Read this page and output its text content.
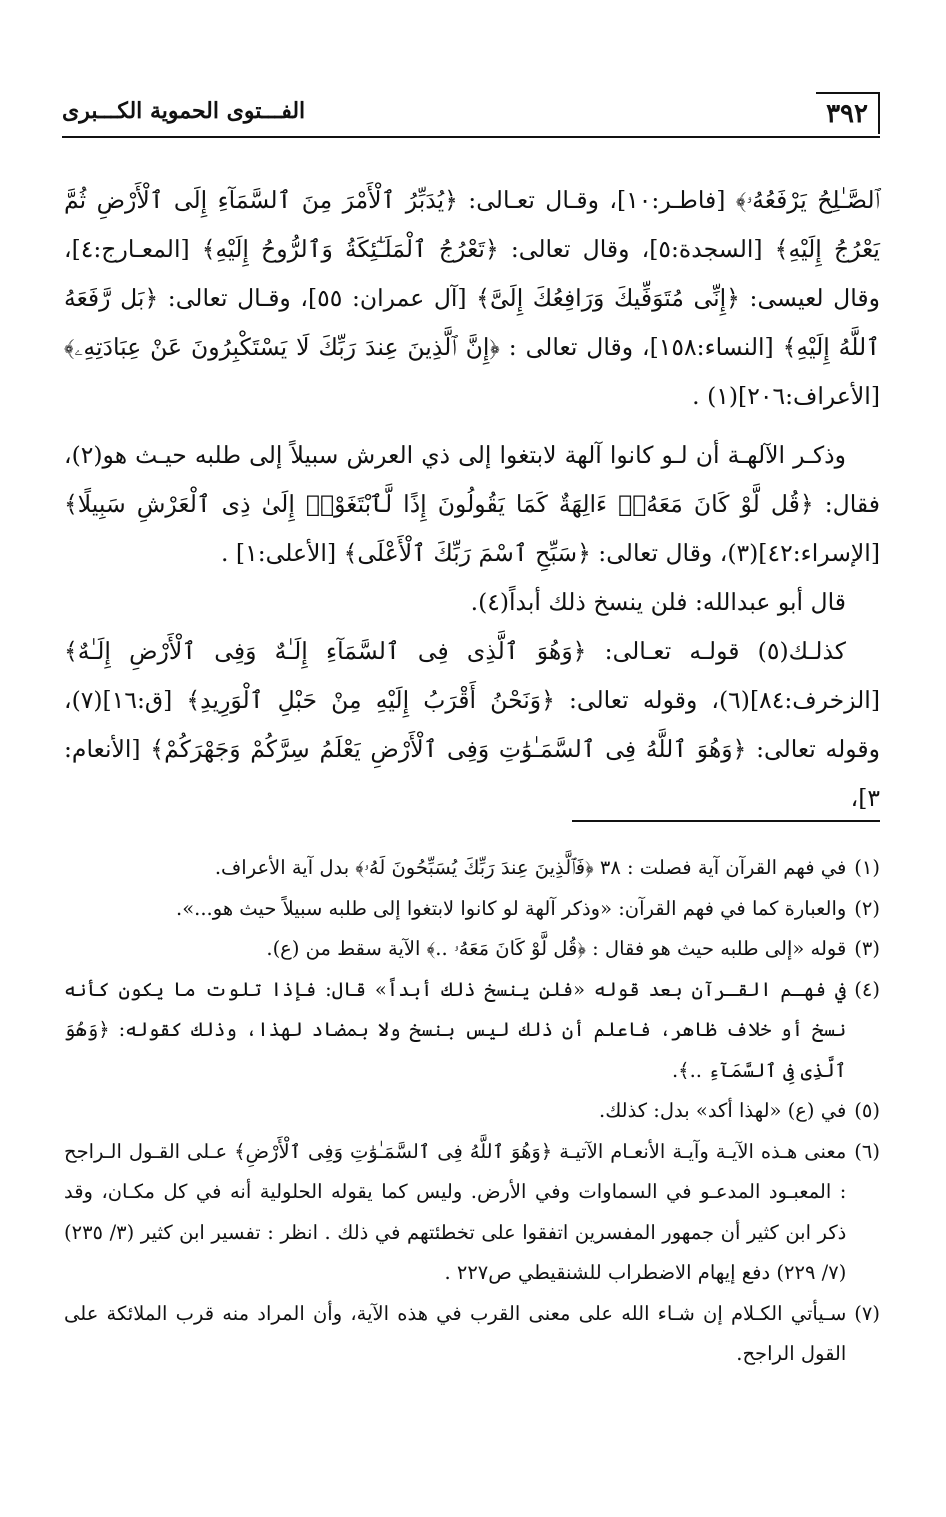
٣٩٢
الفـــتوى الحموية الكـــبرى

ٱلصَّـٰلِحُ يَرْفَعُهُۥ﴾ [فاطـر:١٠]، وقـال تعـالى: ﴿يُدَبِّرُ ٱلْأَمْرَ مِنَ ٱلسَّمَآءِ إِلَى ٱلْأَرْضِ ثُمَّ يَعْرُجُ إِلَيْهِ﴾ [السجدة:٥]، وقال تعالى: ﴿تَعْرُجُ ٱلْمَلَـٰٓئِكَةُ وَٱلرُّوحُ إِلَيْهِ﴾ [المعـارج:٤]، وقال لعيسى: ﴿إِنِّى مُتَوَفِّيكَ وَرَافِعُكَ إِلَىَّ﴾ [آل عمران: ٥٥]، وقـال تعالى: ﴿بَل رَّفَعَهُ ٱللَّهُ إِلَيْهِ﴾ [النساء:١٥٨]، وقال تعالى : ﴿إِنَّ ٱلَّذِينَ عِندَ رَبِّكَ لَا يَسْتَكْبِرُونَ عَنْ عِبَادَتِهِۦ﴾ [الأعراف:٢٠٦](١) .

وذكـر الآلهـة أن لـو كانوا آلهة لابتغوا إلى ذي العرش سبيلاً إلى طلبه حيـث هو(٢)، فقال: ﴿قُل لَّوْ كَانَ مَعَهُۥٓ ءَالِهَةٌ كَمَا يَقُولُونَ إِذًا لَّٱبْتَغَوْا۟ إِلَىٰ ذِى ٱلْعَرْشِ سَبِيلًا﴾ [الإسراء:٤٢](٣)، وقال تعالى: ﴿سَبِّحِ ٱسْمَ رَبِّكَ ٱلْأَعْلَى﴾ [الأعلى:١] .

قال أبو عبدالله: فلن ينسخ ذلك أبداً(٤).

كذلـك(٥) قولـه تعـالى: ﴿وَهُوَ ٱلَّذِى فِى ٱلسَّمَآءِ إِلَـٰهٌ وَفِى ٱلْأَرْضِ إِلَـٰهٌ﴾ [الزخرف:٨٤](٦)، وقوله تعالى: ﴿وَنَحْنُ أَقْرَبُ إِلَيْهِ مِنْ حَبْلِ ٱلْوَرِيدِ﴾ [ق:١٦](٧)، وقوله تعالى: ﴿وَهُوَ ٱللَّهُ فِى ٱلسَّمَـٰوَٰتِ وَفِى ٱلْأَرْضِ يَعْلَمُ سِرَّكُمْ وَجَهْرَكُمْ﴾ [الأنعام: ٣]،

(١)
في فهم القرآن آية فصلت : ٣٨ ﴿فَٱلَّذِينَ عِندَ رَبِّكَ يُسَبِّحُونَ لَهُۥ﴾ بدل آية الأعراف.
(٢)
والعبارة كما في فهم القرآن: «وذكر آلهة لو كانوا لابتغوا إلى طلبه سبيلاً حيث هو...».
(٣)
قوله «إلى طلبه حيث هو فقال : ﴿قُل لَّوْ كَانَ مَعَهُۥ ..﴾ الآية سقط من (ع).
(٤)
في فهـم القـرآن بعد قوله «فلن ينسخ ذلك أبداً» قال: فإذا تلوت ما يكون كأنه نسخ أو خلاف ظاهر، فاعلم أن ذلك ليس بنسخ ولا بمضاد لهذا، وذلك كقوله: ﴿وَهُوَ ٱلَّذِى فِى ٱلسَّمَآءِ ..﴾.
(٥)
في (ع) «لهذا أكد» بدل: كذلك.
(٦)
معنى هـذه الآيـة وآيـة الأنعـام الآتيـة ﴿وَهُوَ ٱللَّهُ فِى ٱلسَّمَـٰوَٰتِ وَفِى ٱلْأَرْضِ﴾ عـلى القـول الـراجح : المعبـود المدعـو في السماوات وفي الأرض. وليس كما يقوله الحلولية أنه في كل مكـان، وقد ذكر ابن كثير أن جمهور المفسرين اتفقوا على تخطئتهم في ذلك . انظر : تفسير ابن كثير (٣/ ٢٣٥) (٧/ ٢٢٩) دفع إيهام الاضطراب للشنقيطي ص٢٢٧ .
(٧)
سـيأتي الكـلام إن شـاء الله على معنى القرب في هذه الآية، وأن المراد منه قرب الملائكة على القول الراجح.
